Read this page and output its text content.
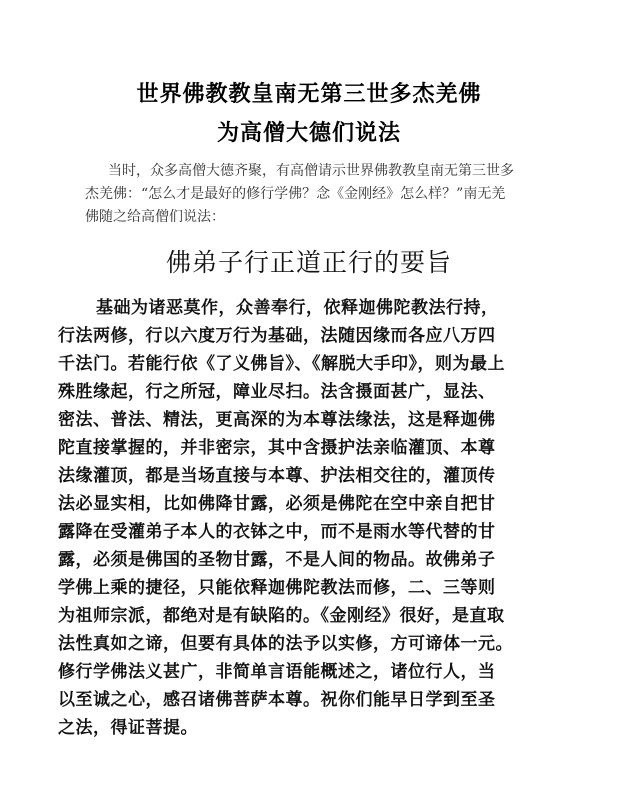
世界佛教教皇南无第三世多杰羌佛
为高僧大德们说法
当时，众多高僧大德齐聚，有高僧请示世界佛教教皇南无第三世多
杰羌佛：“怎么才是最好的修行学佛？念《金刚经》怎么样？”南无羌
佛随之给高僧们说法：
佛弟子行正道正行的要旨
基础为诸恶莫作，众善奉行，依释迦佛陀教法行持，
行法两修，行以六度万行为基础，法随因缘而各应八万四
千法门。若能行依《了义佛旨》、《解脱大手印》，则为最上
殊胜缘起，行之所冠，障业尽扫。法含摄面甚广，显法、
密法、普法、精法，更高深的为本尊法缘法，这是释迦佛
陀直接掌握的，并非密宗，其中含摄护法亲临灌顶、本尊
法缘灌顶，都是当场直接与本尊、护法相交往的，灌顶传
法必显实相，比如佛降甘露，必须是佛陀在空中亲自把甘
露降在受灌弟子本人的衣钵之中，而不是雨水等代替的甘
露，必须是佛国的圣物甘露，不是人间的物品。故佛弟子
学佛上乘的捷径，只能依释迦佛陀教法而修，二、三等则
为祖师宗派，都绝对是有缺陷的。《金刚经》很好，是直取
法性真如之谛，但要有具体的法予以实修，方可谛体一元。
修行学佛法义甚广，非简单言语能概述之，诸位行人，当
以至诚之心，感召诸佛菩萨本尊。祝你们能早日学到至圣
之法，得证菩提。
